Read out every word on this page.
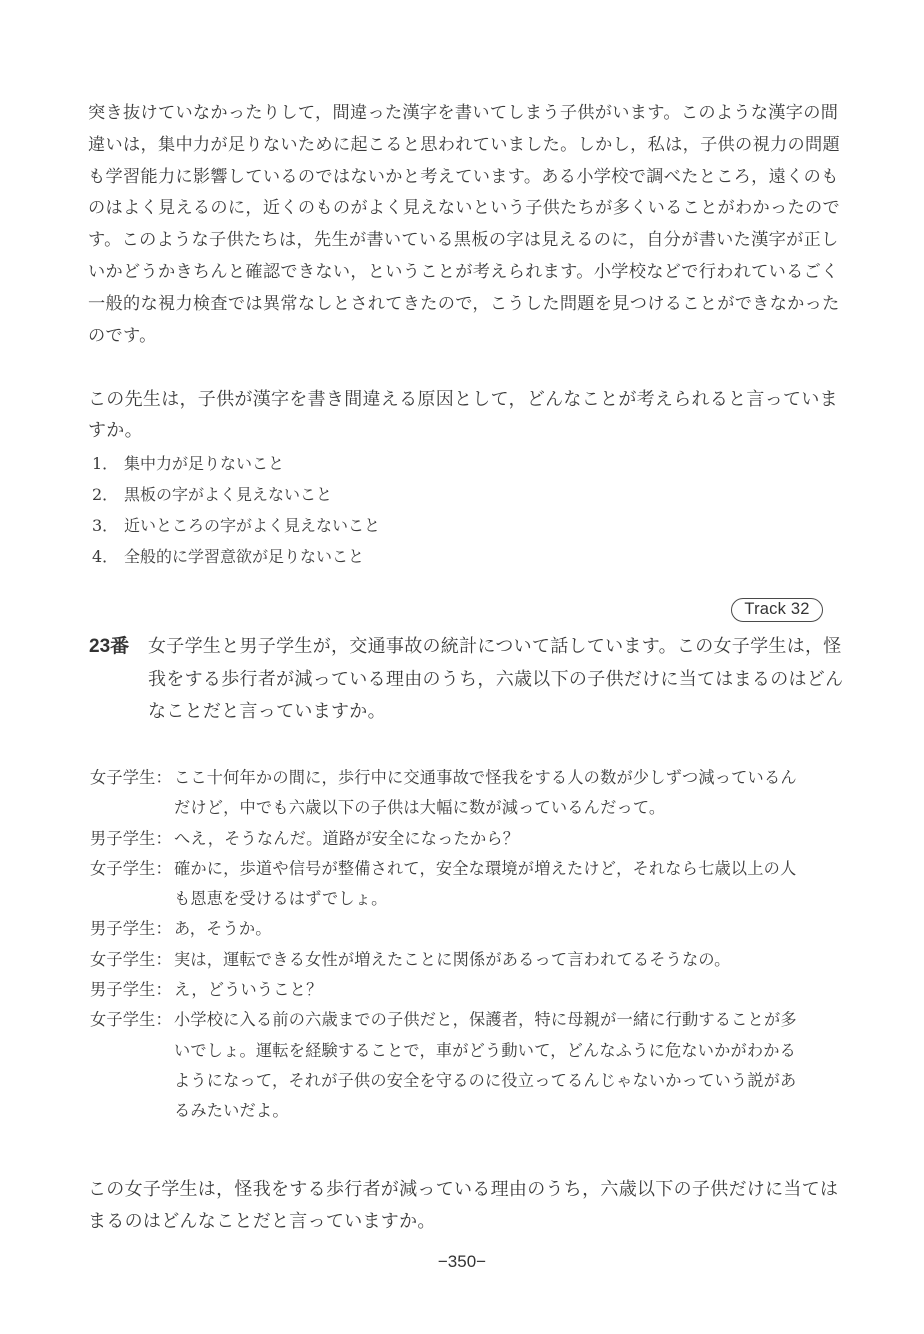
突き抜けていなかったりして，間違った漢字を書いてしまう子供がいます。このような漢字の間
違いは，集中力が足りないために起こると思われていました。しかし，私は，子供の視力の問題
も学習能力に影響しているのではないかと考えています。ある小学校で調べたところ，遠くのも
のはよく見えるのに，近くのものがよく見えないという子供たちが多くいることがわかったので
す。このような子供たちは，先生が書いている黒板の字は見えるのに，自分が書いた漢字が正し
いかどうかきちんと確認できない，ということが考えられます。小学校などで行われているごく
一般的な視力検査では異常なしとされてきたので，こうした問題を見つけることができなかった
のです。
この先生は，子供が漢字を書き間違える原因として，どんなことが考えられると言っていま
すか。
1． 集中力が足りないこと
2． 黒板の字がよく見えないこと
3． 近いところの字がよく見えないこと
4． 全般的に学習意欲が足りないこと
Track 32
23番 女子学生と男子学生が，交通事故の統計について話しています。この女子学生は，怪
我をする歩行者が減っている理由のうち，六歳以下の子供だけに当てはまるのはどん
なことだと言っていますか。
女子学生： ここ十何年かの間に，歩行中に交通事故で怪我をする人の数が少しずつ減っているん
だけど，中でも六歳以下の子供は大幅に数が減っているんだって。
男子学生： へえ，そうなんだ。道路が安全になったから？
女子学生： 確かに，歩道や信号が整備されて，安全な環境が増えたけど，それなら七歳以上の人
も恩恵を受けるはずでしょ。
男子学生： あ，そうか。
女子学生： 実は，運転できる女性が増えたことに関係があるって言われてるそうなの。
男子学生： え，どういうこと？
女子学生： 小学校に入る前の六歳までの子供だと，保護者，特に母親が一緒に行動することが多
いでしょ。運転を経験することで，車がどう動いて，どんなふうに危ないかがわかる
ようになって，それが子供の安全を守るのに役立ってるんじゃないかっていう説があ
るみたいだよ。
この女子学生は，怪我をする歩行者が減っている理由のうち，六歳以下の子供だけに当ては
まるのはどんなことだと言っていますか。
−350−
